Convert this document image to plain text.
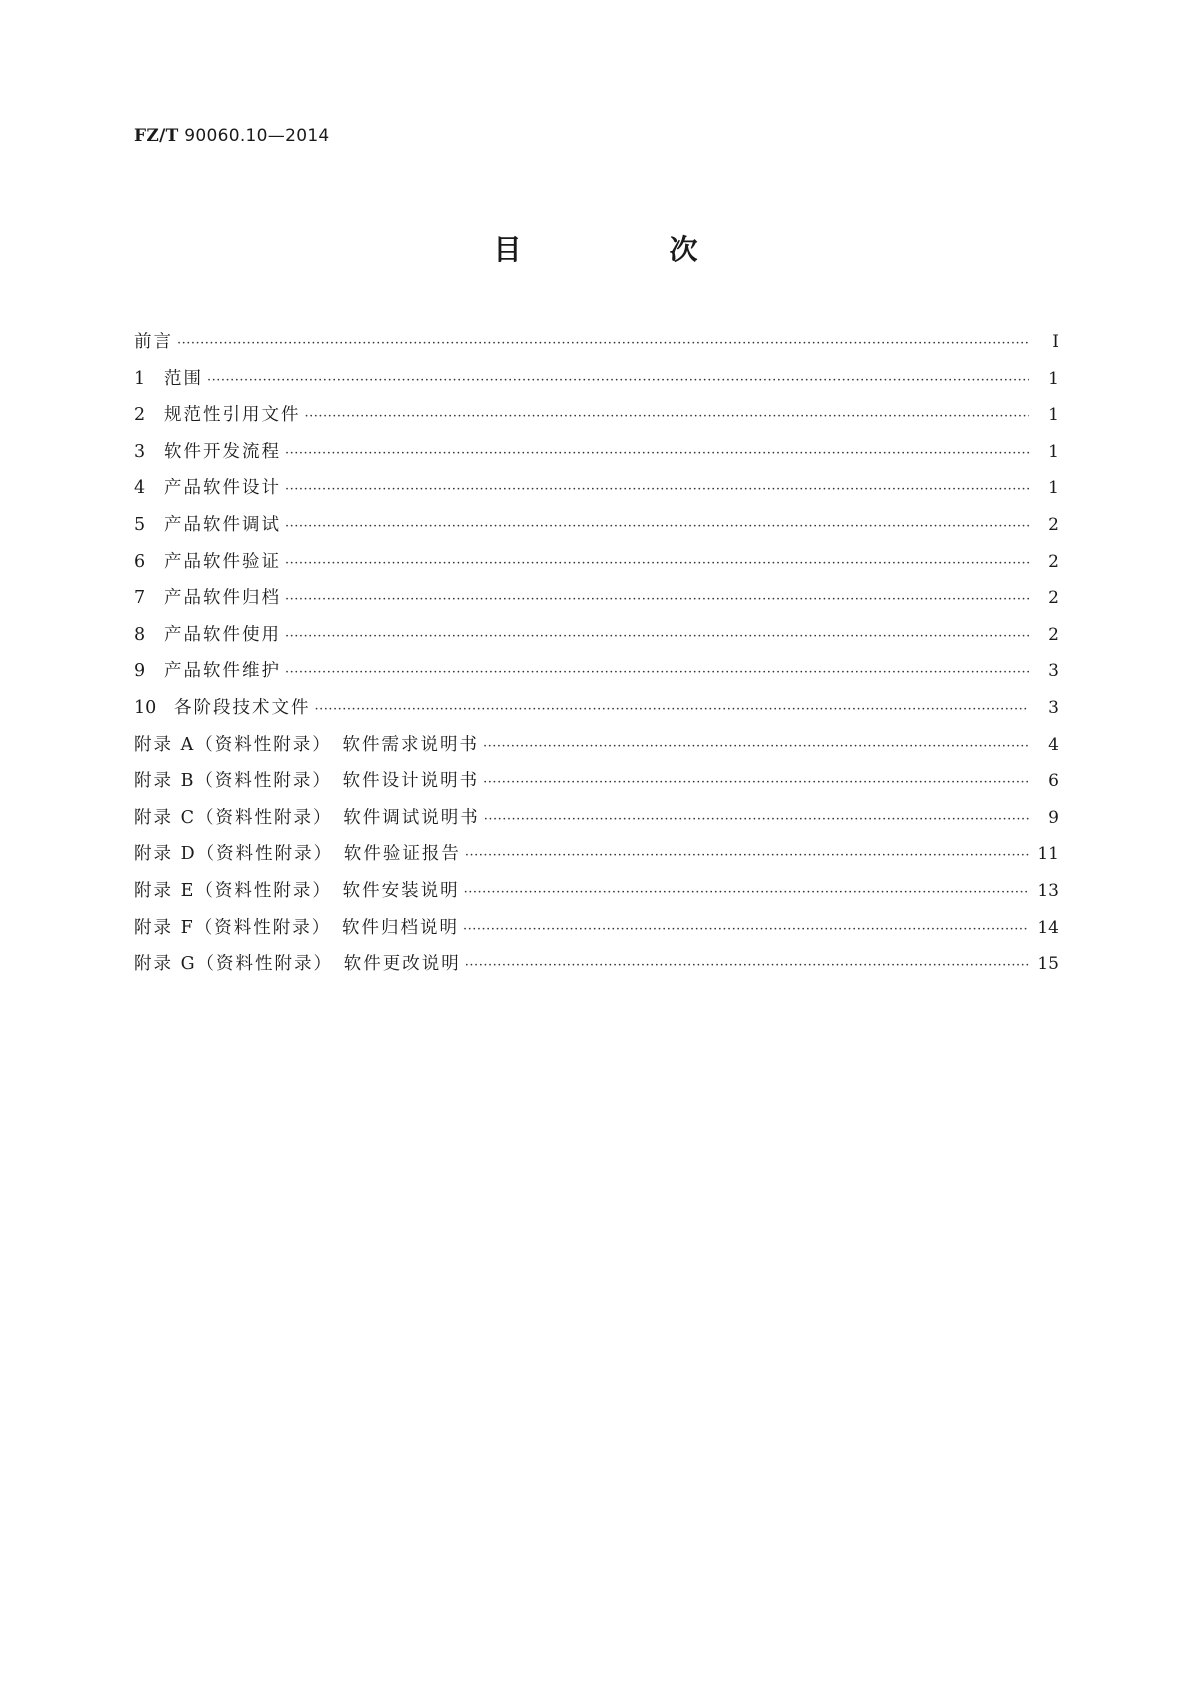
FZ/T 90060.10—2014
目　次
前言 ·····	Ⅰ
1	范围 ·····	1
2	规范性引用文件 ·····	1
3	软件开发流程 ·····	1
4	产品软件设计 ·····	1
5	产品软件调试 ·····	2
6	产品软件验证 ·····	2
7	产品软件归档 ·····	2
8	产品软件使用 ·····	2
9	产品软件维护 ·····	3
10	各阶段技术文件 ·····	3
附录 A（资料性附录）　软件需求说明书 ·····	4
附录 B（资料性附录）　软件设计说明书 ·····	6
附录 C（资料性附录）　软件调试说明书 ·····	9
附录 D（资料性附录）　软件验证报告 ·····	11
附录 E（资料性附录）　软件安装说明 ·····	13
附录 F（资料性附录）　软件归档说明 ·····	14
附录 G（资料性附录）　软件更改说明 ·····	15
